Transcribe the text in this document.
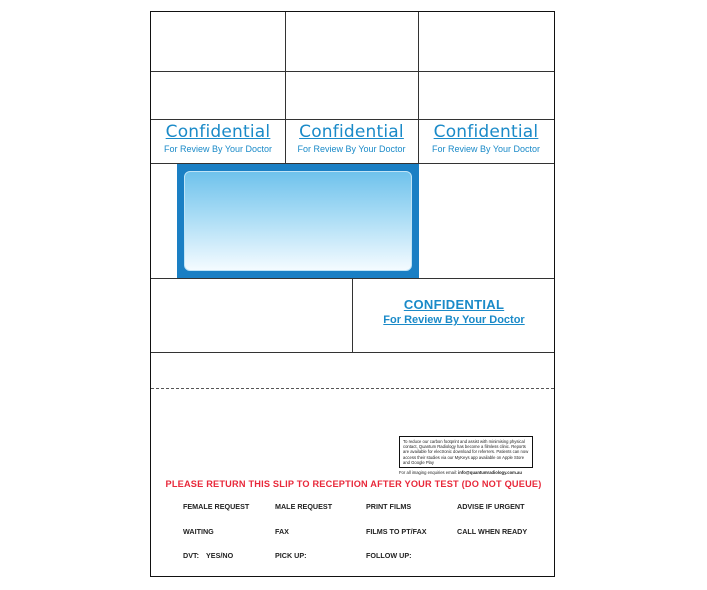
Confidential
For Review By Your Doctor
Confidential
For Review By Your Doctor
Confidential
For Review By Your Doctor
CONFIDENTIAL
For Review By Your Doctor
To reduce our carbon footprint and assist with minimising physical contact, Quantum Radiology has become a filmless clinic. Reports are available for electronic download for referrers. Patients can now access their studies via our MyKeys app available on Apple Store and Google Play
For all imaging enquiries email: info@quantumradiology.com.au
PLEASE RETURN THIS SLIP TO RECEPTION AFTER YOUR TEST (DO NOT QUEUE)
FEMALE REQUEST	MALE REQUEST	PRINT FILMS	ADVISE IF URGENT
WAITING	FAX	FILMS TO PT/FAX	CALL WHEN READY
DVT: YES/NO	PICK UP:	FOLLOW UP:
